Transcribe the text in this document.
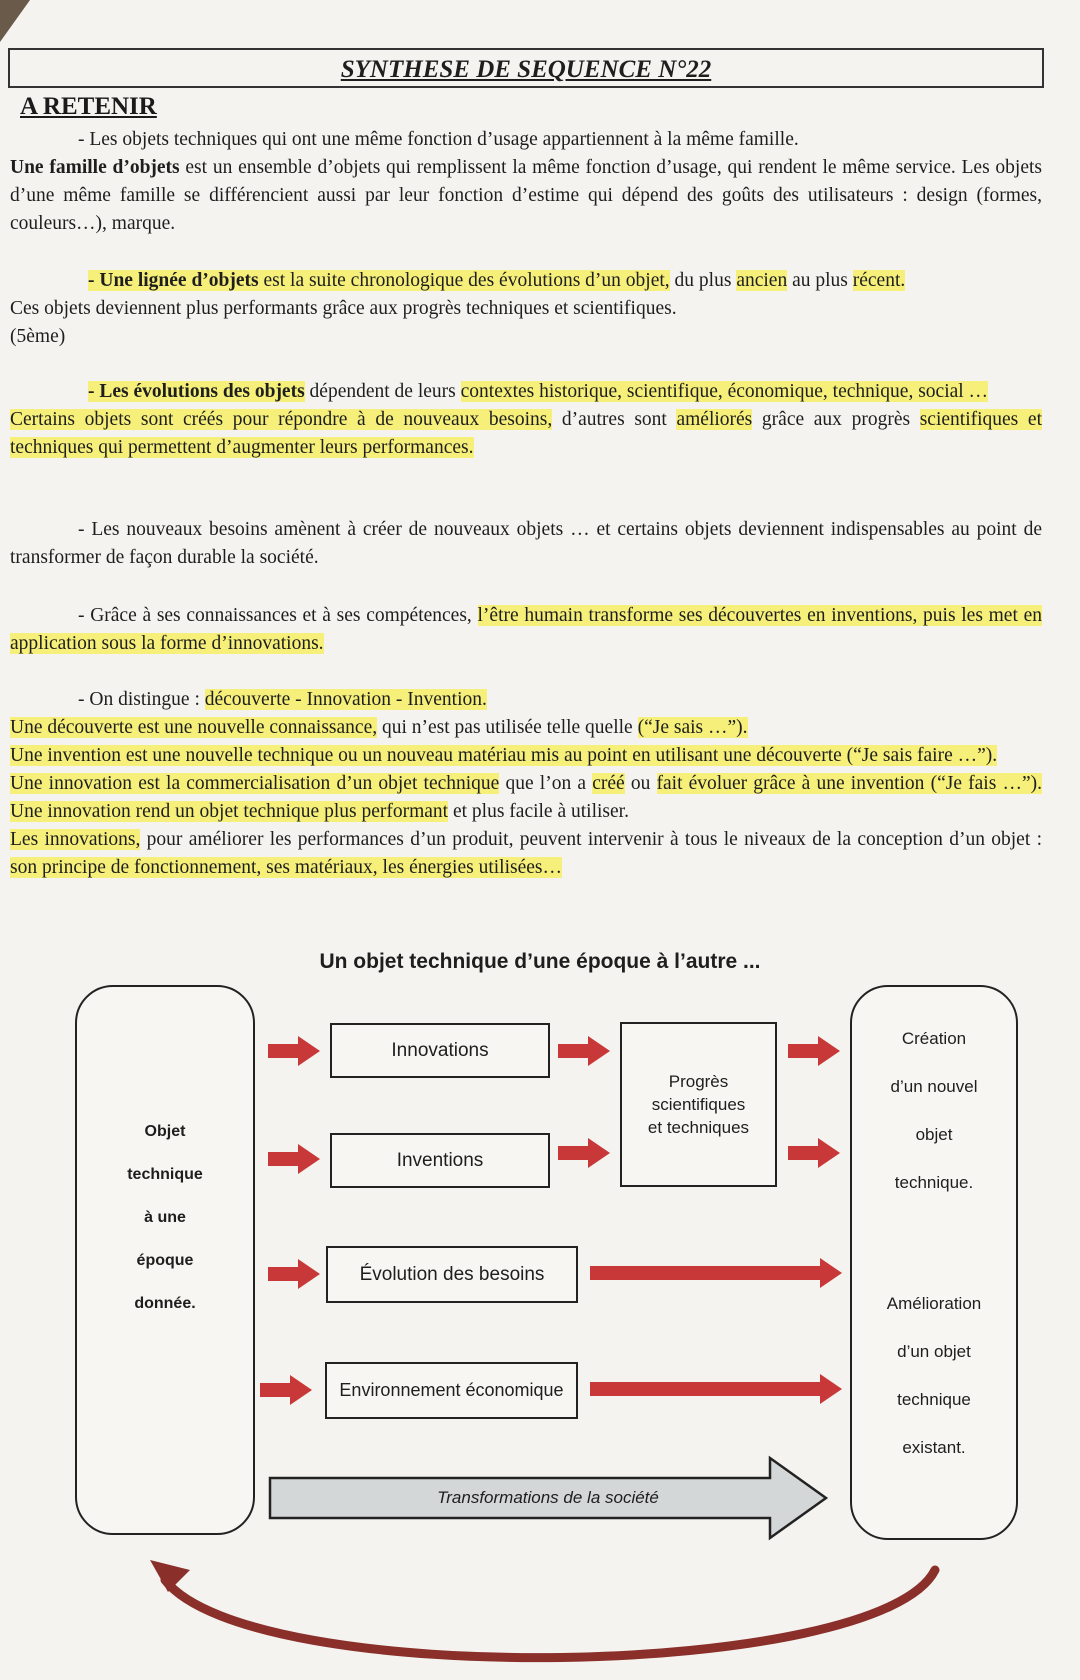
SYNTHESE DE SEQUENCE N°22
A RETENIR
- Les objets techniques qui ont une même fonction d’usage appartiennent à la même famille.
Une famille d’objets est un ensemble d’objets qui remplissent la même fonction d’usage, qui rendent le même service. Les objets d’une même famille se différencient aussi par leur fonction d’estime qui dépend des goûts des utilisateurs : design (formes, couleurs…), marque.
- Une lignée d’objets est la suite chronologique des évolutions d’un objet, du plus ancien au plus récent.
Ces objets deviennent plus performants grâce aux progrès techniques et scientifiques.
(5ème)
- Les évolutions des objets dépendent de leurs contextes historique, scientifique, économique, technique, social …
Certains objets sont créés pour répondre à de nouveaux besoins, d’autres sont améliorés grâce aux progrès scientifiques et techniques qui permettent d’augmenter leurs performances.
- Les nouveaux besoins amènent à créer de nouveaux objets … et certains objets deviennent indispensables au point de transformer de façon durable la société.
- Grâce à ses connaissances et à ses compétences, l’être humain transforme ses découvertes en inventions, puis les met en application sous la forme d’innovations.
- On distingue : découverte - Innovation - Invention.
Une découverte est une nouvelle connaissance, qui n’est pas utilisée telle quelle (“Je sais …”).
Une invention est une nouvelle technique ou un nouveau matériau mis au point en utilisant une découverte (“Je sais faire …”).
Une innovation est la commercialisation d’un objet technique que l’on a créé ou fait évoluer grâce à une invention (“Je fais …”). Une innovation rend un objet technique plus performant et plus facile à utiliser.
Les innovations, pour améliorer les performances d’un produit, peuvent intervenir à tous le niveaux de la conception d’un objet : son principe de fonctionnement, ses matériaux, les énergies utilisées…
Un objet technique d’une époque à l’autre ...
Objet
technique
à une
époque
donnée.
Création
d’un nouvel
objet
technique.
Amélioration
d’un objet
technique
existant.
Innovations
Inventions
Évolution des besoins
Environnement économique
Progrès
scientifiques
et techniques
Transformations de la société
